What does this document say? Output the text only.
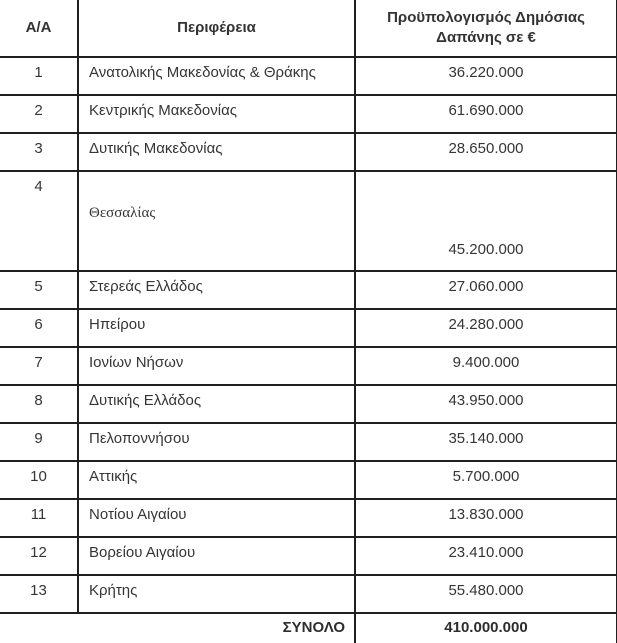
Α/Α	Περιφέρεια	Προϋπολογισμός Δημόσιας Δαπάνης σε €
1	Ανατολικής Μακεδονίας & Θράκης	36.220.000
2	Κεντρικής Μακεδονίας	61.690.000
3	Δυτικής Μακεδονίας	28.650.000
4	Θεσσαλίας	45.200.000
5	Στερεάς Ελλάδος	27.060.000
6	Ηπείρου	24.280.000
7	Ιονίων Νήσων	9.400.000
8	Δυτικής Ελλάδος	43.950.000
9	Πελοποννήσου	35.140.000
10	Αττικής	5.700.000
11	Νοτίου Αιγαίου	13.830.000
12	Βορείου Αιγαίου	23.410.000
13	Κρήτης	55.480.000
ΣΥΝΟΛΟ		410.000.000
